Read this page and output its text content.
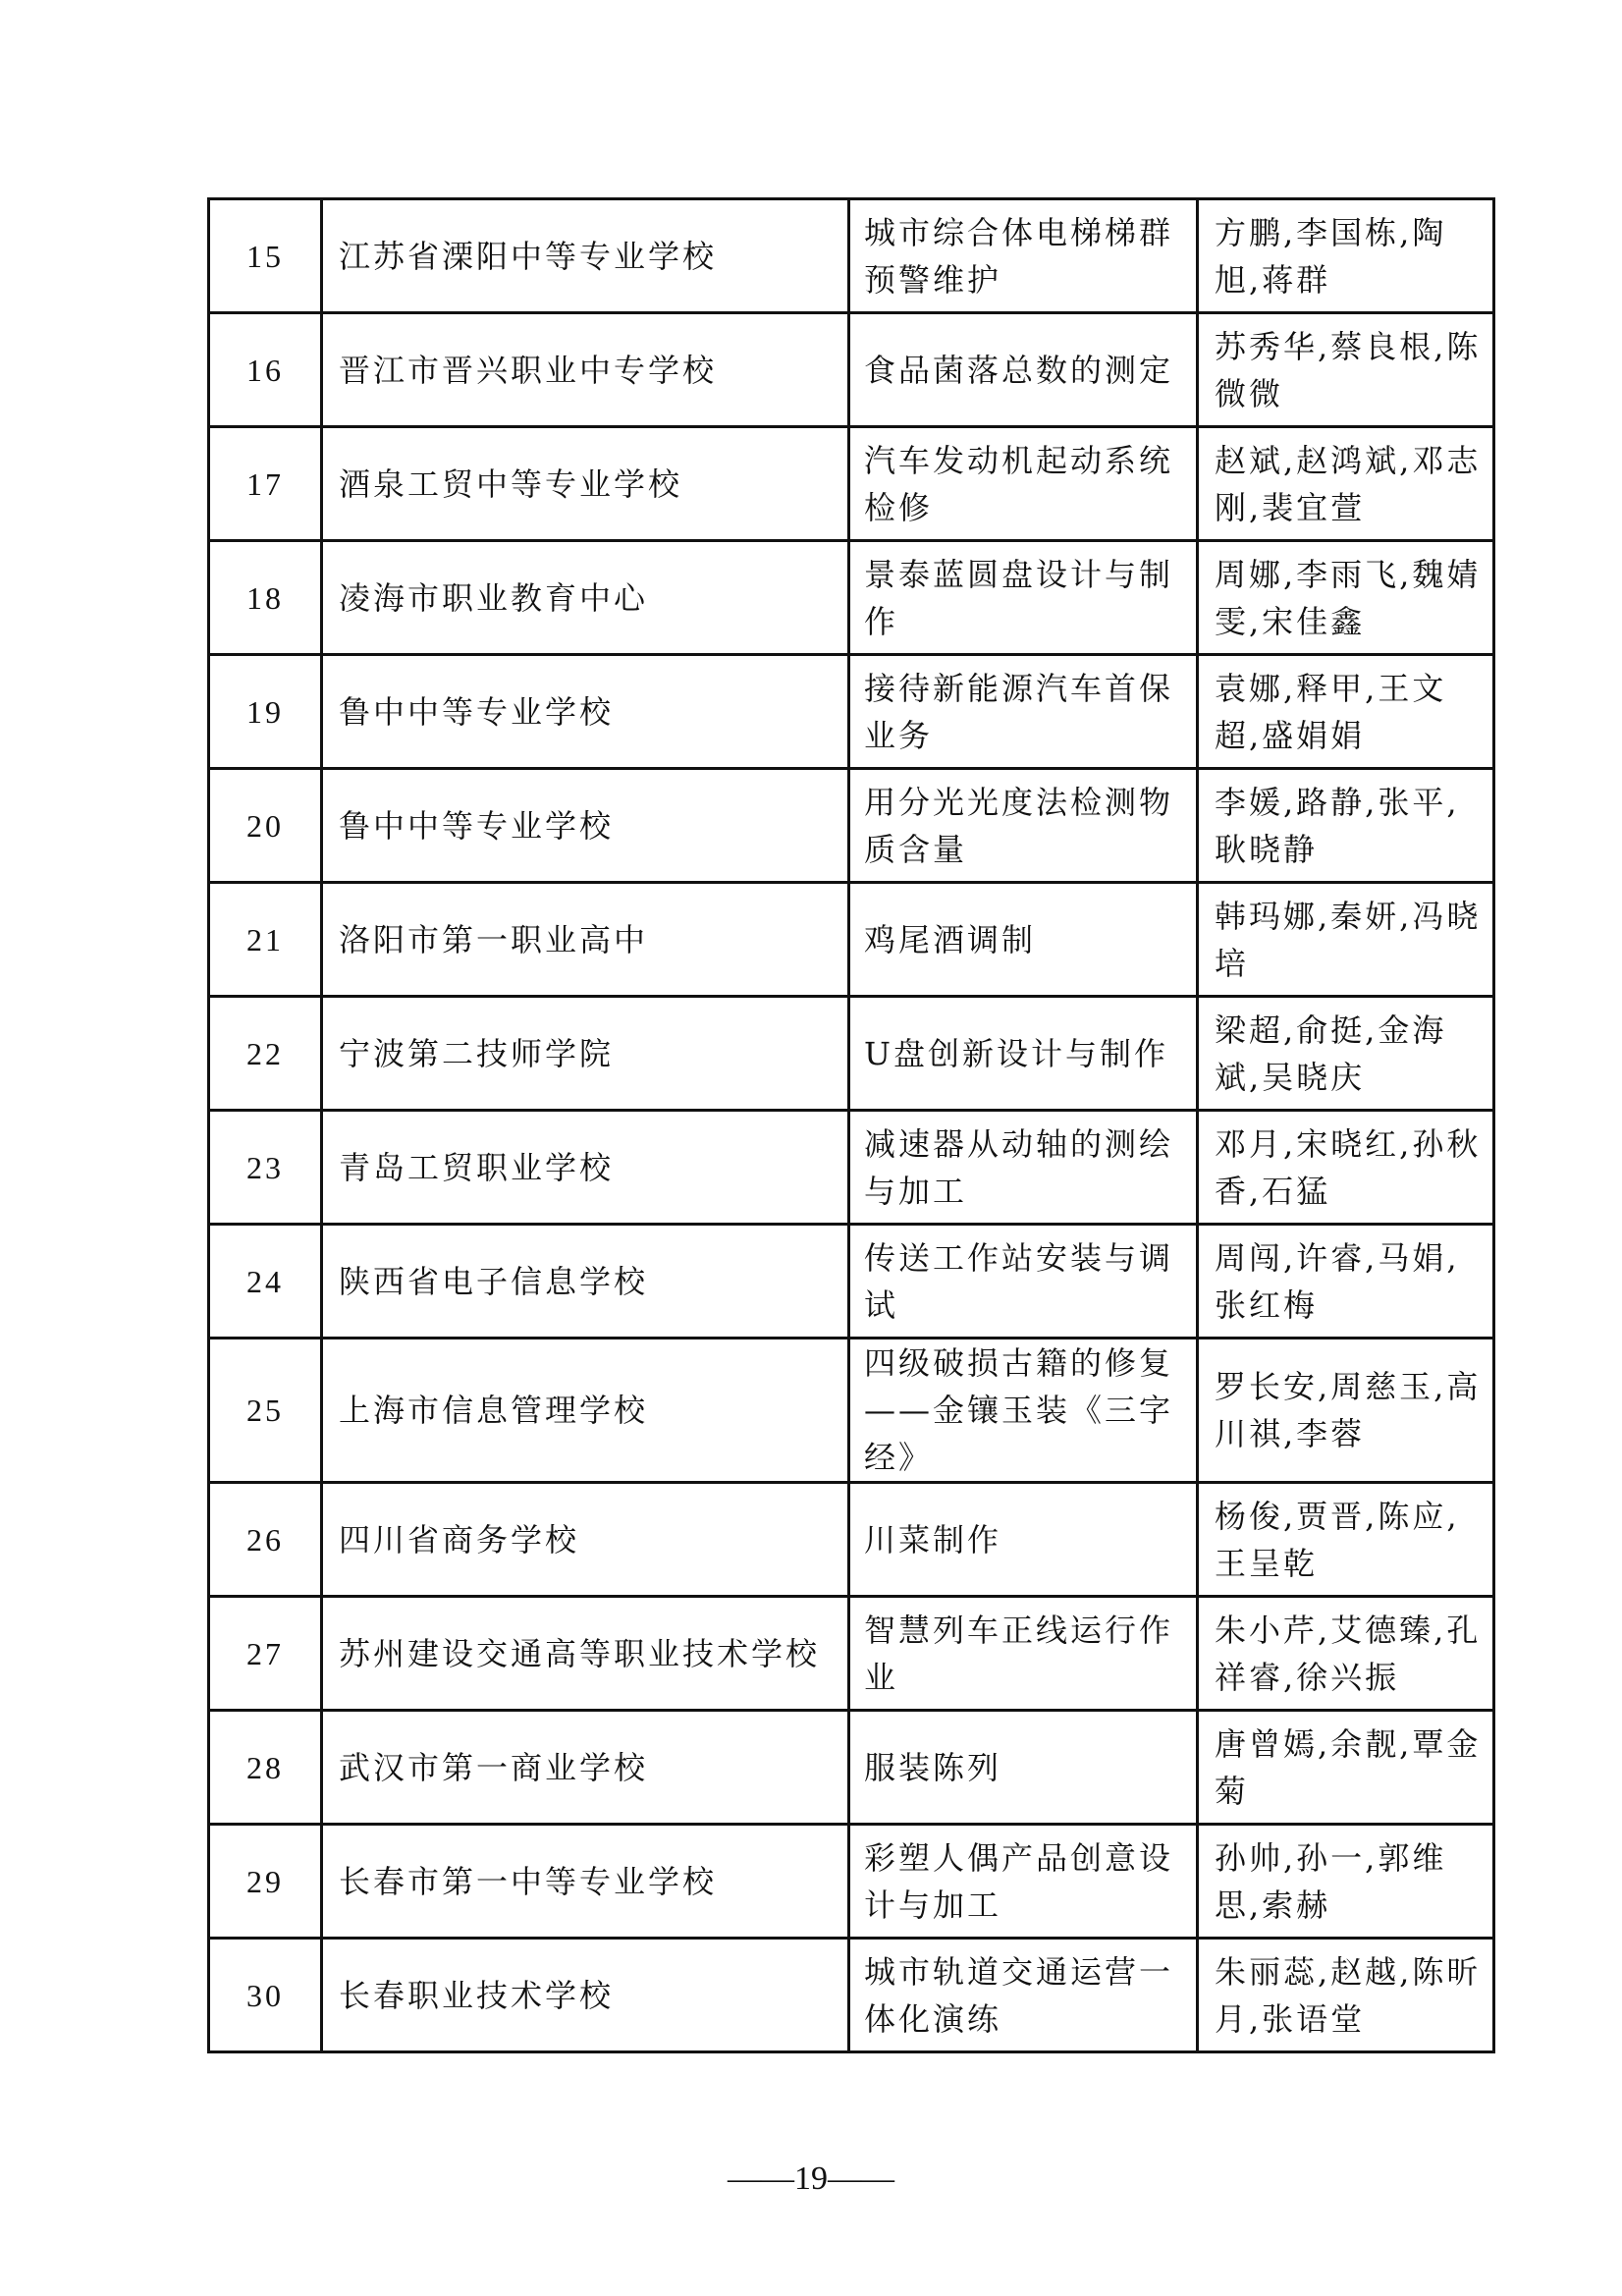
15	江苏省溧阳中等专业学校	城市综合体电梯梯群预警维护	方鹏,李国栋,陶旭,蒋群

16	晋江市晋兴职业中专学校	食品菌落总数的测定	苏秀华,蔡良根,陈微微

17	酒泉工贸中等专业学校	汽车发动机起动系统检修	赵斌,赵鸿斌,邓志刚,裴宜萱

18	凌海市职业教育中心	景泰蓝圆盘设计与制作	周娜,李雨飞,魏婧雯,宋佳鑫

19	鲁中中等专业学校	接待新能源汽车首保业务	袁娜,释甲,王文超,盛娟娟

20	鲁中中等专业学校	用分光光度法检测物质含量	李媛,路静,张平,耿晓静

21	洛阳市第一职业高中	鸡尾酒调制	韩玛娜,秦妍,冯晓培

22	宁波第二技师学院	U盘创新设计与制作	梁超,俞挺,金海斌,吴晓庆

23	青岛工贸职业学校	减速器从动轴的测绘与加工	邓月,宋晓红,孙秋香,石猛

24	陕西省电子信息学校	传送工作站安装与调试	周闯,许睿,马娟,张红梅

25	上海市信息管理学校	四级破损古籍的修复——金镶玉装《三字经》	罗长安,周慈玉,高川祺,李蓉

26	四川省商务学校	川菜制作	杨俊,贾晋,陈应,王呈乾

27	苏州建设交通高等职业技术学校	智慧列车正线运行作业	朱小芹,艾德臻,孔祥睿,徐兴振

28	武汉市第一商业学校	服装陈列	唐曾嫣,余靓,覃金菊

29	长春市第一中等专业学校	彩塑人偶产品创意设计与加工	孙帅,孙一,郭维思,索赫

30	长春职业技术学校	城市轨道交通运营一体化演练	朱丽蕊,赵越,陈昕月,张语堂
——19——
